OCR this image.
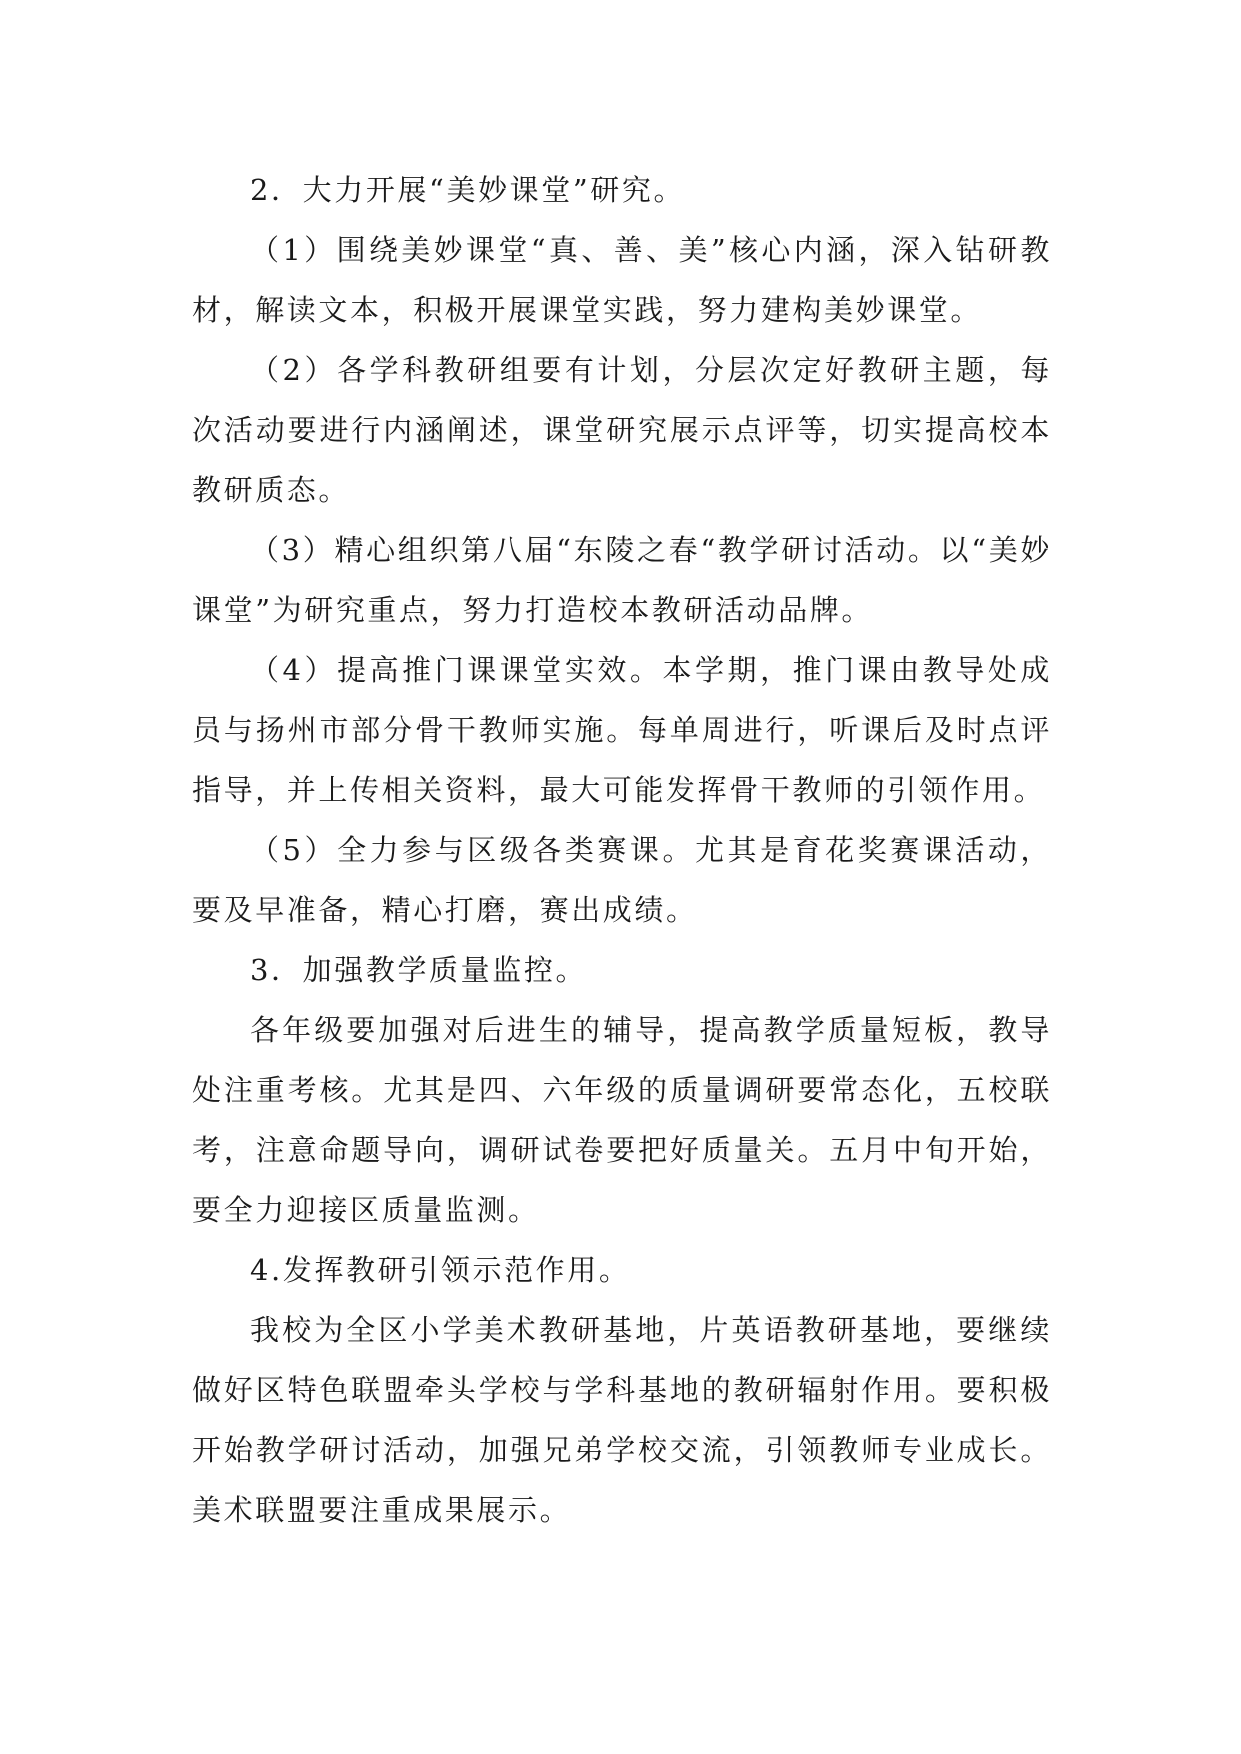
2．大力开展“美妙课堂”研究。

（1）围绕美妙课堂“真、善、美”核心内涵，深入钻研教材，解读文本，积极开展课堂实践，努力建构美妙课堂。

（2）各学科教研组要有计划，分层次定好教研主题，每次活动要进行内涵阐述，课堂研究展示点评等，切实提高校本教研质态。

（3）精心组织第八届“东陵之春“教学研讨活动。以“美妙课堂”为研究重点，努力打造校本教研活动品牌。

（4）提高推门课课堂实效。本学期，推门课由教导处成员与扬州市部分骨干教师实施。每单周进行，听课后及时点评指导，并上传相关资料，最大可能发挥骨干教师的引领作用。

（5）全力参与区级各类赛课。尤其是育花奖赛课活动，要及早准备，精心打磨，赛出成绩。

3．加强教学质量监控。

各年级要加强对后进生的辅导，提高教学质量短板，教导处注重考核。尤其是四、六年级的质量调研要常态化，五校联考，注意命题导向，调研试卷要把好质量关。五月中旬开始，要全力迎接区质量监测。

4.发挥教研引领示范作用。

我校为全区小学美术教研基地，片英语教研基地，要继续做好区特色联盟牵头学校与学科基地的教研辐射作用。要积极开始教学研讨活动，加强兄弟学校交流，引领教师专业成长。美术联盟要注重成果展示。
